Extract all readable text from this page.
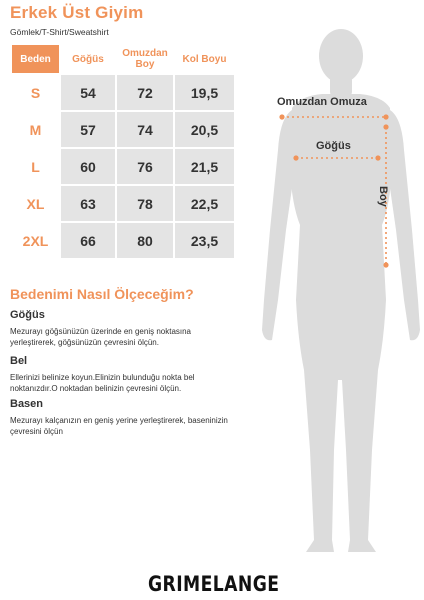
Erkek Üst Giyim
Gömlek/T-Shirt/Sweatshirt
Beden	Göğüs	Omuzdan Boy	Kol Boyu
S	54	72	19,5
M	57	74	20,5
L	60	76	21,5
XL	63	78	22,5
2XL	66	80	23,5
Bedenimi Nasıl Ölçeceğim?
Göğüs
Mezurayı göğsünüzün üzerinde en geniş noktasına yerleştirerek, göğsünüzün çevresini ölçün.
Bel
Ellerinizi belinize koyun.Elinizin bulunduğu nokta bel noktanızdır.O noktadan belinizin çevresini ölçün.
Basen
Mezurayı kalçanızın en geniş yerine yerleştirerek, baseninizin çevresini ölçün
Omuzdan Omuza
Göğüs
Boy
GRIMELANGE
